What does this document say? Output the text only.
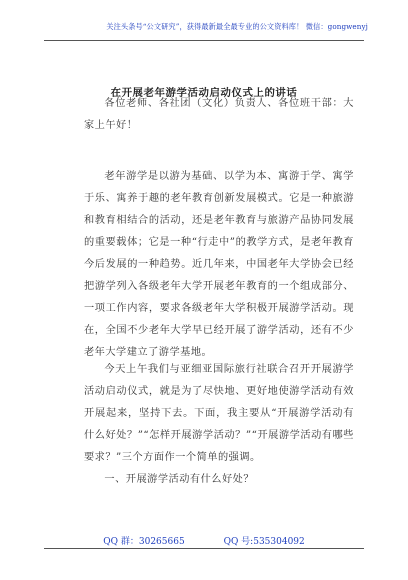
关注头条号“公文研究”，获得最新最全最专业的公文资料库！ 微信：gongwenyj
在开展老年游学活动启动仪式上的讲话

各位老师、各社团（文化）负责人、各位班干部：大家上午好！

老年游学是以游为基础、以学为本、寓游于学、寓学于乐、寓养于趣的老年教育创新发展模式。它是一种旅游和教育相结合的活动，还是老年教育与旅游产品协同发展的重要载体；它是一种“行走中”的教学方式，是老年教育今后发展的一种趋势。近几年来，中国老年大学协会已经把游学列入各级老年大学开展老年教育的一个组成部分、一项工作内容，要求各级老年大学积极开展游学活动。现在，全国不少老年大学早已经开展了游学活动，还有不少老年大学建立了游学基地。

今天上午我们与亚细亚国际旅行社联合召开开展游学活动启动仪式，就是为了尽快地、更好地使游学活动有效开展起来，坚持下去。下面，我主要从“开展游学活动有什么好处？”“怎样开展游学活动？”“开展游学活动有哪些要求？”三个方面作一个简单的强调。

一、开展游学活动有什么好处？

QQ 群：30265665	QQ 号:535304092
